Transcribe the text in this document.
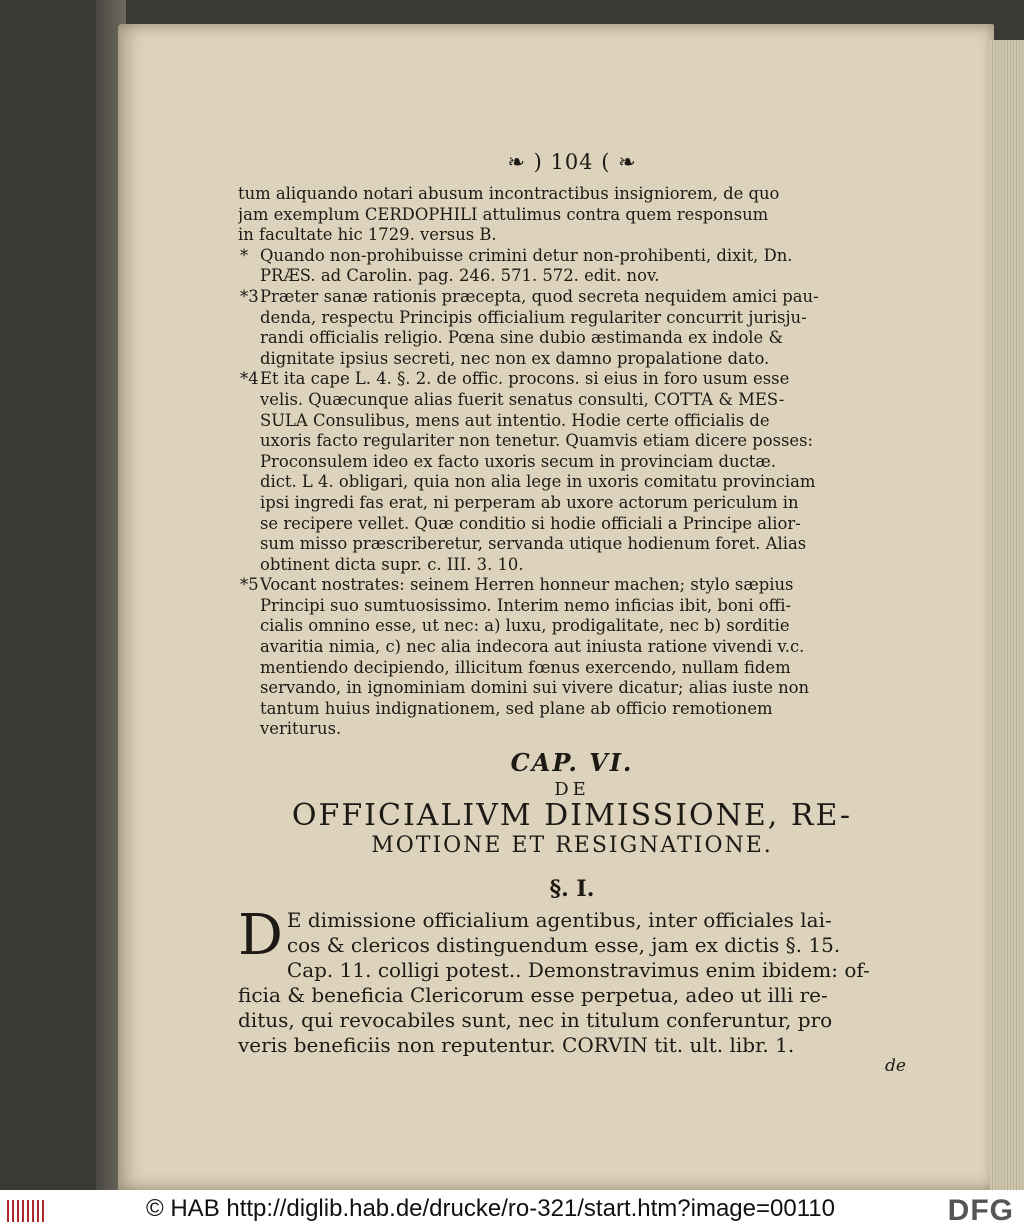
❧ ) 104 ( ❧
tum aliquando notari abusum incontractibus insigniorem, de quo
jam exemplum CERDOPHILI attulimus contra quem responsum
in facultate hic 1729. versus B.
* Quando non-prohibuisse crimini detur non-prohibenti, dixit, Dn.
PRÆS. ad Carolin. pag. 246. 571. 572. edit. nov.
*3Præter sanæ rationis præcepta, quod secreta nequidem amici pau-
denda, respectu Principis officialium regulariter concurrit jurisju-
randi officialis religio. Pœna sine dubio æstimanda ex indole &
dignitate ipsius secreti, nec non ex damno propalatione dato.
*4Et ita cape L. 4. §. 2. de offic. procons. si eius in foro usum esse
velis. Quæcunque alias fuerit senatus consulti, COTTA & MES-
SULA Consulibus, mens aut intentio. Hodie certe officialis de
uxoris facto regulariter non tenetur. Quamvis etiam dicere posses:
Proconsulem ideo ex facto uxoris secum in provinciam ductæ.
dict. L 4. obligari, quia non alia lege in uxoris comitatu provinciam
ipsi ingredi fas erat, ni perperam ab uxore actorum periculum in
se recipere vellet. Quæ conditio si hodie officiali a Principe alior-
sum misso præscriberetur, servanda utique hodienum foret. Alias
obtinent dicta supr. c. III. 3. 10.
*5Vocant nostrates: seinem Herren honneur machen; stylo sæpius
Principi suo sumtuosissimo. Interim nemo inficias ibit, boni offi-
cialis omnino esse, ut nec: a) luxu, prodigalitate, nec b) sorditie
avaritia nimia, c) nec alia indecora aut iniusta ratione vivendi v.c.
mentiendo decipiendo, illicitum fœnus exercendo, nullam fidem
servando, in ignominiam domini sui vivere dicatur; alias iuste non
tantum huius indignationem, sed plane ab officio remotionem
veriturus.
CAP. VI.
DE
OFFICIALIVM DIMISSIONE, RE-
MOTIONE ET RESIGNATIONE.
§. I.
D E dimissione officialium agentibus, inter officiales lai-
cos & clericos distinguendum esse, jam ex dictis §. 15.
Cap. 11. colligi potest.. Demonstravimus enim ibidem: of-
ficia & beneficia Clericorum esse perpetua, adeo ut illi re-
ditus, qui revocabiles sunt, nec in titulum conferuntur, pro
veris beneficiis non reputentur. CORVIN tit. ult. libr. 1.
de
© HAB http://diglib.hab.de/drucke/ro-321/start.htm?image=00110	DFG
